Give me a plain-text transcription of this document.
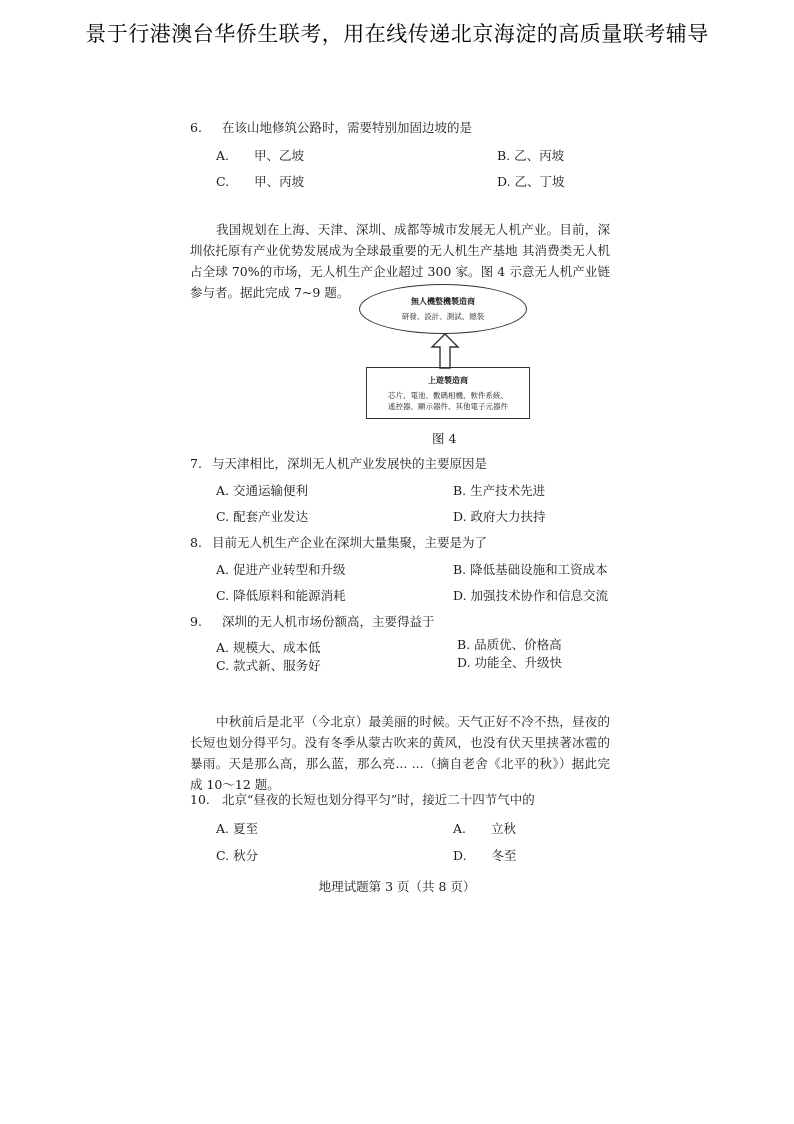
景于行港澳台华侨生联考，用在线传递北京海淀的高质量联考辅导
6. 在该山地修筑公路时，需要特别加固边坡的是
A.　　甲、乙坡	B. 乙、丙坡
C.　　甲、丙坡	D. 乙、丁坡
我国规划在上海、天津、深圳、成都等城市发展无人机产业。目前，深圳依托原有产业优势发展成为全球最重要的无人机生产基地 其消费类无人机占全球 70%的市场，无人机生产企业超过 300 家。图 4 示意无人机产业链参与者。据此完成 7~9 题。
無人機整機製造商
研發、設計、測試、總裝
上遊製造商
芯片、電池、數碼相機、軟件系統、
遙控器、顯示器件、其他電子元器件
图 4
7. 与天津相比，深圳无人机产业发展快的主要原因是
A. 交通运输便利	B. 生产技术先进
C. 配套产业发达	D. 政府大力扶持
8. 目前无人机生产企业在深圳大量集聚，主要是为了
A. 促进产业转型和升级	B. 降低基础设施和工资成本
C. 降低原料和能源消耗	D. 加强技术协作和信息交流
9. 深圳的无人机市场份额高，主要得益于
A. 规模大、成本低	B. 品质优、价格高
C. 款式新、服务好	D. 功能全、升级快
中秋前后是北平（今北京）最美丽的时候。天气正好不冷不热，昼夜的长短也划分得平匀。没有冬季从蒙古吹来的黄风，也没有伏天里挟著冰雹的暴雨。天是那么高，那么蓝，那么亮... ...（摘自老舍《北平的秋》）据此完成 10～12 题。
10. 北京“昼夜的长短也划分得平匀”时，接近二十四节气中的
A. 夏至	A.　　立秋
C. 秋分	D.　　冬至
地理试题第 3 页（共 8 页）
